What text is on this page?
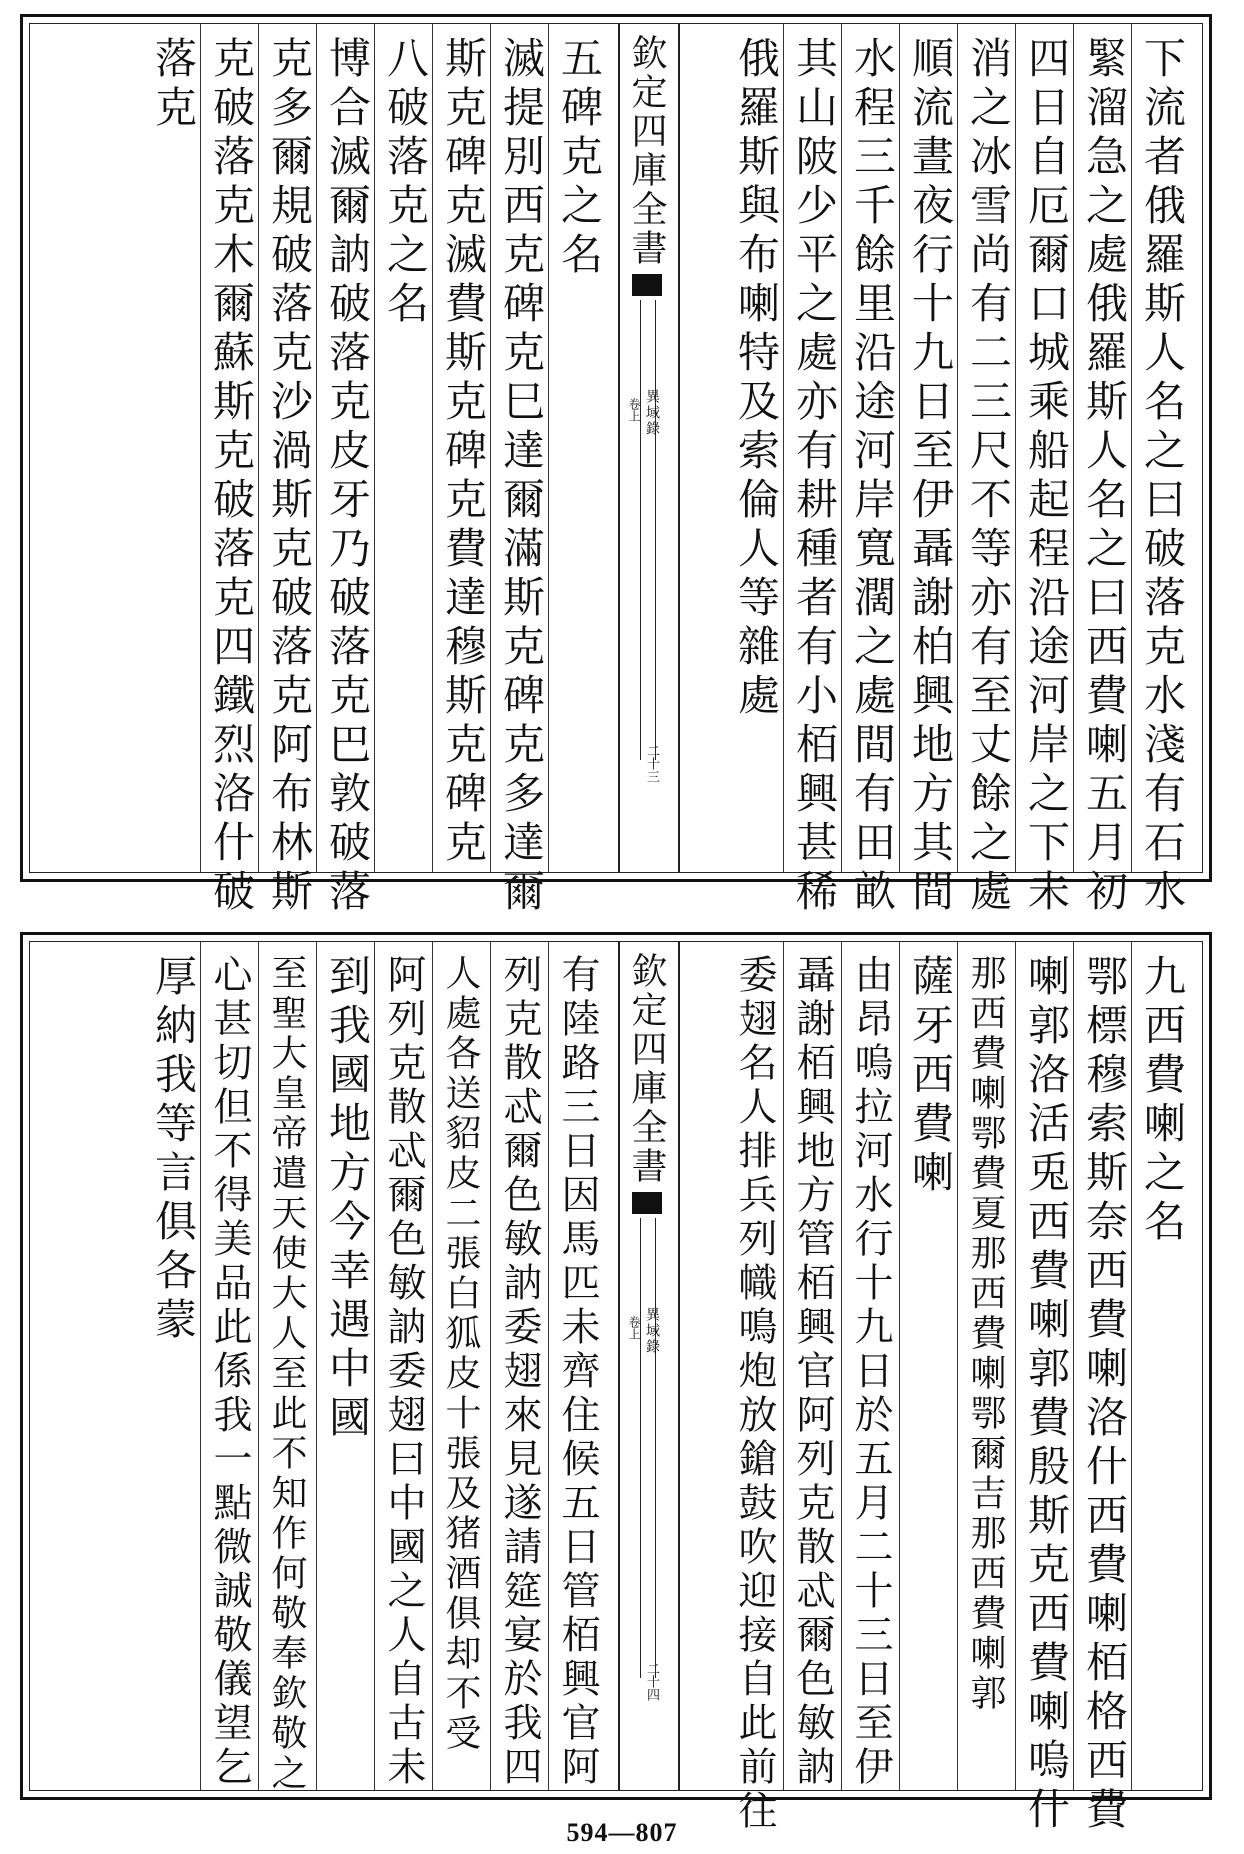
下流者俄羅斯人名之曰破落克水淺有石水
緊溜急之處俄羅斯人名之曰西費喇五月初
四日自厄爾口城乘船起程沿途河岸之下未
消之冰雪尚有二三尺不等亦有至丈餘之處
順流晝夜行十九日至伊聶謝柏興地方其間
水程三千餘里沿途河岸寬濶之處間有田畝
其山陂少平之處亦有耕種者有小栢興甚稀
俄羅斯與布喇特及索倫人等雜處
欽定四庫全書
異域錄
卷上
二十三
五碑克之名
滅提別西克碑克巳達爾滿斯克碑克多達爾
斯克碑克滅費斯克碑克費達穆斯克碑克
八破落克之名
博合滅爾訥破落克皮牙乃破落克巴敦破落
克多爾規破落克沙渦斯克破落克阿布林斯
克破落克木爾蘇斯克破落克四鐵烈洛什破
落克
九西費喇之名
鄂標穆索斯奈西費喇洛什西費喇栢格西費
喇郭洛活兎西費喇郭費殷斯克西費喇嗚什
那西費喇鄂費夏那西費喇鄂爾吉那西費喇郭
薩牙西費喇
由昂嗚拉河水行十九日於五月二十三日至伊
聶謝栢興地方管栢興官阿列克散忒爾色敏訥
委翅名人排兵列幟鳴炮放鎗鼓吹迎接自此前往
欽定四庫全書
異域錄
卷上
二十四
有陸路三日因馬匹未齊住候五日管栢興官阿
列克散忒爾色敏訥委翅來見遂請筵宴於我四
人處各送貂皮二張白狐皮十張及猪酒俱却不受
阿列克散忒爾色敏訥委翅曰中國之人自古未
到我國地方今幸遇中國
至聖大皇帝遣天使大人至此不知作何敬奉欽敬之
心甚切但不得美品此係我一點微誠敬儀望乞
厚納我等言俱各蒙
594—807
